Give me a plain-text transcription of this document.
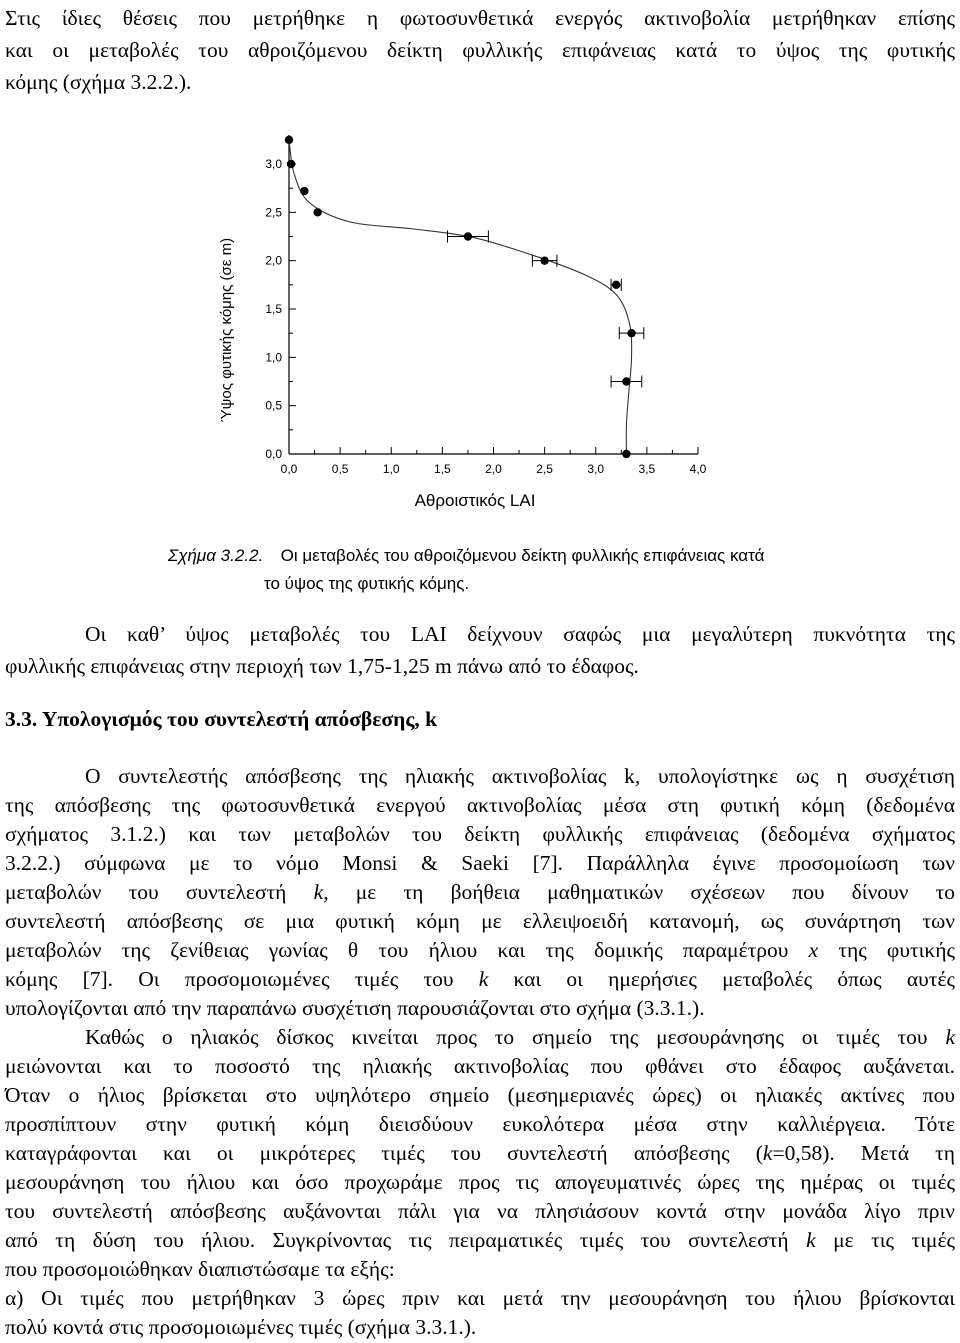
Στις ίδιες θέσεις που μετρήθηκε η φωτοσυνθετικά ενεργός ακτινοβολία μετρήθηκαν επίσης

και οι μεταβολές του αθροιζόμενου δείκτη φυλλικής επιφάνειας κατά το ύψος της φυτικής

κόμης (σχήμα 3.2.2.).

0,0
0,5
1,0
1,5
2,0
2,5
3,0
0,0	0,5	1,0	1,5	2,0	2,5	3,0	3,5	4,0
Αθροιστικός LAI
Ύψος φυτικής κόμης (σε m)
Σχήμα 3.2.2. Οι μεταβολές του αθροιζόμενου δείκτη φυλλικής επιφάνειας κατά
το ύψος της φυτικής κόμης.

Οι καθ’ ύψος μεταβολές του LAI δείχνουν σαφώς μια μεγαλύτερη πυκνότητα της

φυλλικής επιφάνειας στην περιοχή των 1,75-1,25 m πάνω από το έδαφος.

3.3. Υπολογισμός του συντελεστή απόσβεσης, k

Ο συντελεστής απόσβεσης της ηλιακής ακτινοβολίας k, υπολογίστηκε ως η συσχέτιση

της απόσβεσης της φωτοσυνθετικά ενεργού ακτινοβολίας μέσα στη φυτική κόμη (δεδομένα

σχήματος 3.1.2.) και των μεταβολών του δείκτη φυλλικής επιφάνειας (δεδομένα σχήματος

3.2.2.) σύμφωνα με το νόμο Monsi & Saeki [7]. Παράλληλα έγινε προσομοίωση των

μεταβολών του συντελεστή k, με τη βοήθεια μαθηματικών σχέσεων που δίνουν το

συντελεστή απόσβεσης σε μια φυτική κόμη με ελλειψοειδή κατανομή, ως συνάρτηση των

μεταβολών της ζενίθειας γωνίας θ του ήλιου και της δομικής παραμέτρου x της φυτικής

κόμης [7]. Οι προσομοιωμένες τιμές του k και οι ημερήσιες μεταβολές όπως αυτές

υπολογίζονται από την παραπάνω συσχέτιση παρουσιάζονται στο σχήμα (3.3.1.).

Καθώς ο ηλιακός δίσκος κινείται προς το σημείο της μεσουράνησης οι τιμές του k

μειώνονται και το ποσοστό της ηλιακής ακτινοβολίας που φθάνει στο έδαφος αυξάνεται.

Όταν ο ήλιος βρίσκεται στο υψηλότερο σημείο (μεσημεριανές ώρες) οι ηλιακές ακτίνες που

προσπίπτουν στην φυτική κόμη διεισδύουν ευκολότερα μέσα στην καλλιέργεια. Τότε

καταγράφονται και οι μικρότερες τιμές του συντελεστή απόσβεσης (k=0,58). Μετά τη

μεσουράνηση του ήλιου και όσο προχωράμε προς τις απογευματινές ώρες της ημέρας οι τιμές

του συντελεστή απόσβεσης αυξάνονται πάλι για να πλησιάσουν κοντά στην μονάδα λίγο πριν

από τη δύση του ήλιου. Συγκρίνοντας τις πειραματικές τιμές του συντελεστή k με τις τιμές

που προσομοιώθηκαν διαπιστώσαμε τα εξής:

α) Οι τιμές που μετρήθηκαν 3 ώρες πριν και μετά την μεσουράνηση του ήλιου βρίσκονται

πολύ κοντά στις προσομοιωμένες τιμές (σχήμα 3.3.1.).
